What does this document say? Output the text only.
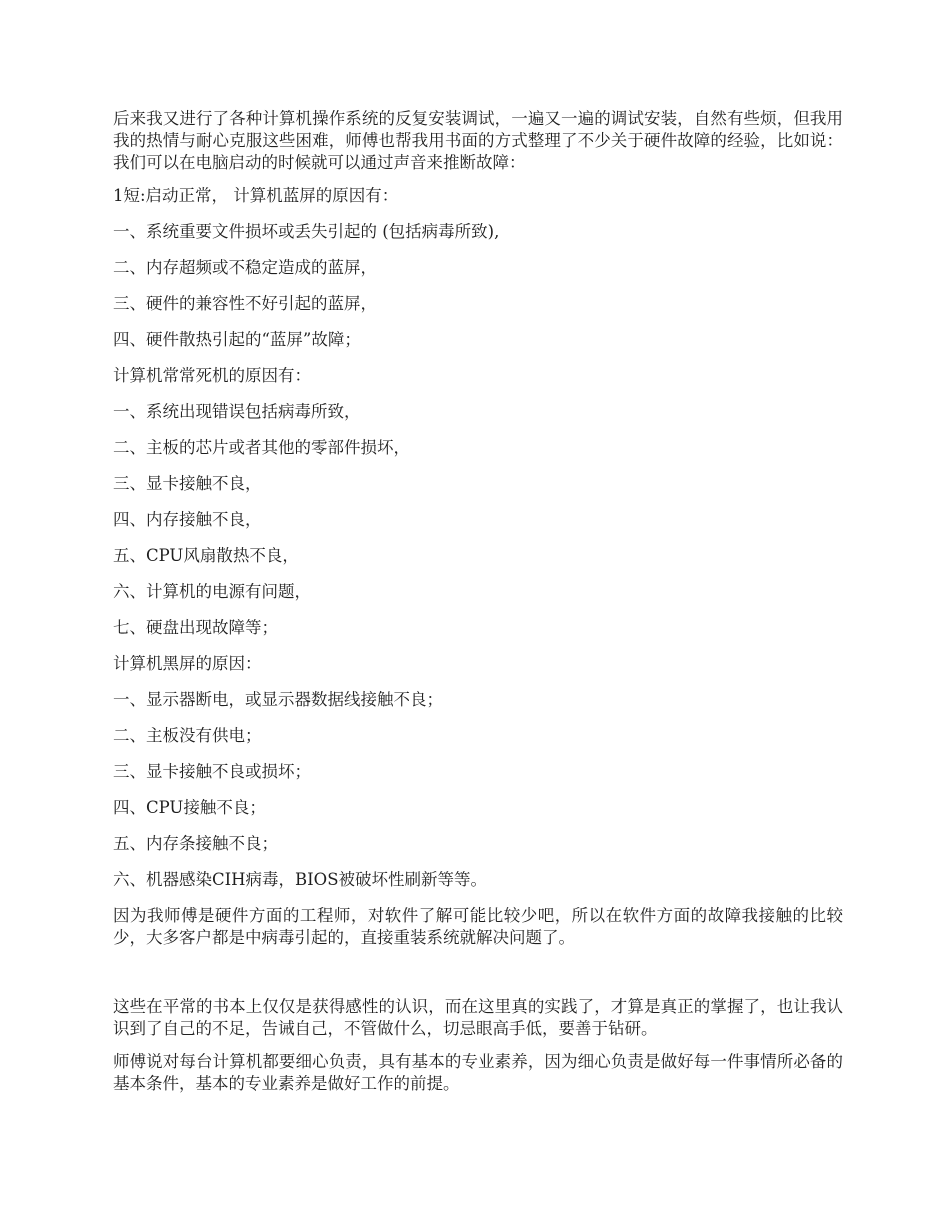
后来我又进行了各种计算机操作系统的反复安装调试，一遍又一遍的调试安装，自然有些烦，但我用我的热情与耐心克服这些困难，师傅也帮我用书面的方式整理了不少关于硬件故障的经验，比如说：我们可以在电脑启动的时候就可以通过声音来推断故障：

1短:启动正常， 计算机蓝屏的原因有：
一、系统重要文件损坏或丢失引起的 (包括病毒所致),
二、内存超频或不稳定造成的蓝屏，
三、硬件的兼容性不好引起的蓝屏，
四、硬件散热引起的“蓝屏”故障；
计算机常常死机的原因有：
一、系统出现错误包括病毒所致，
二、主板的芯片或者其他的零部件损坏，
三、显卡接触不良，
四、内存接触不良，
五、CPU风扇散热不良，
六、计算机的电源有问题，
七、硬盘出现故障等；
计算机黑屏的原因：
一、显示器断电，或显示器数据线接触不良；
二、主板没有供电；
三、显卡接触不良或损坏；
四、CPU接触不良；
五、内存条接触不良；
六、机器感染CIH病毒，BIOS被破坏性刷新等等。

因为我师傅是硬件方面的工程师，对软件了解可能比较少吧，所以在软件方面的故障我接触的比较少，大多客户都是中病毒引起的，直接重装系统就解决问题了。

这些在平常的书本上仅仅是获得感性的认识，而在这里真的实践了，才算是真正的掌握了，也让我认识到了自己的不足，告诫自己，不管做什么，切忌眼高手低，要善于钻研。

师傅说对每台计算机都要细心负责，具有基本的专业素养，因为细心负责是做好每一件事情所必备的基本条件，基本的专业素养是做好工作的前提。
